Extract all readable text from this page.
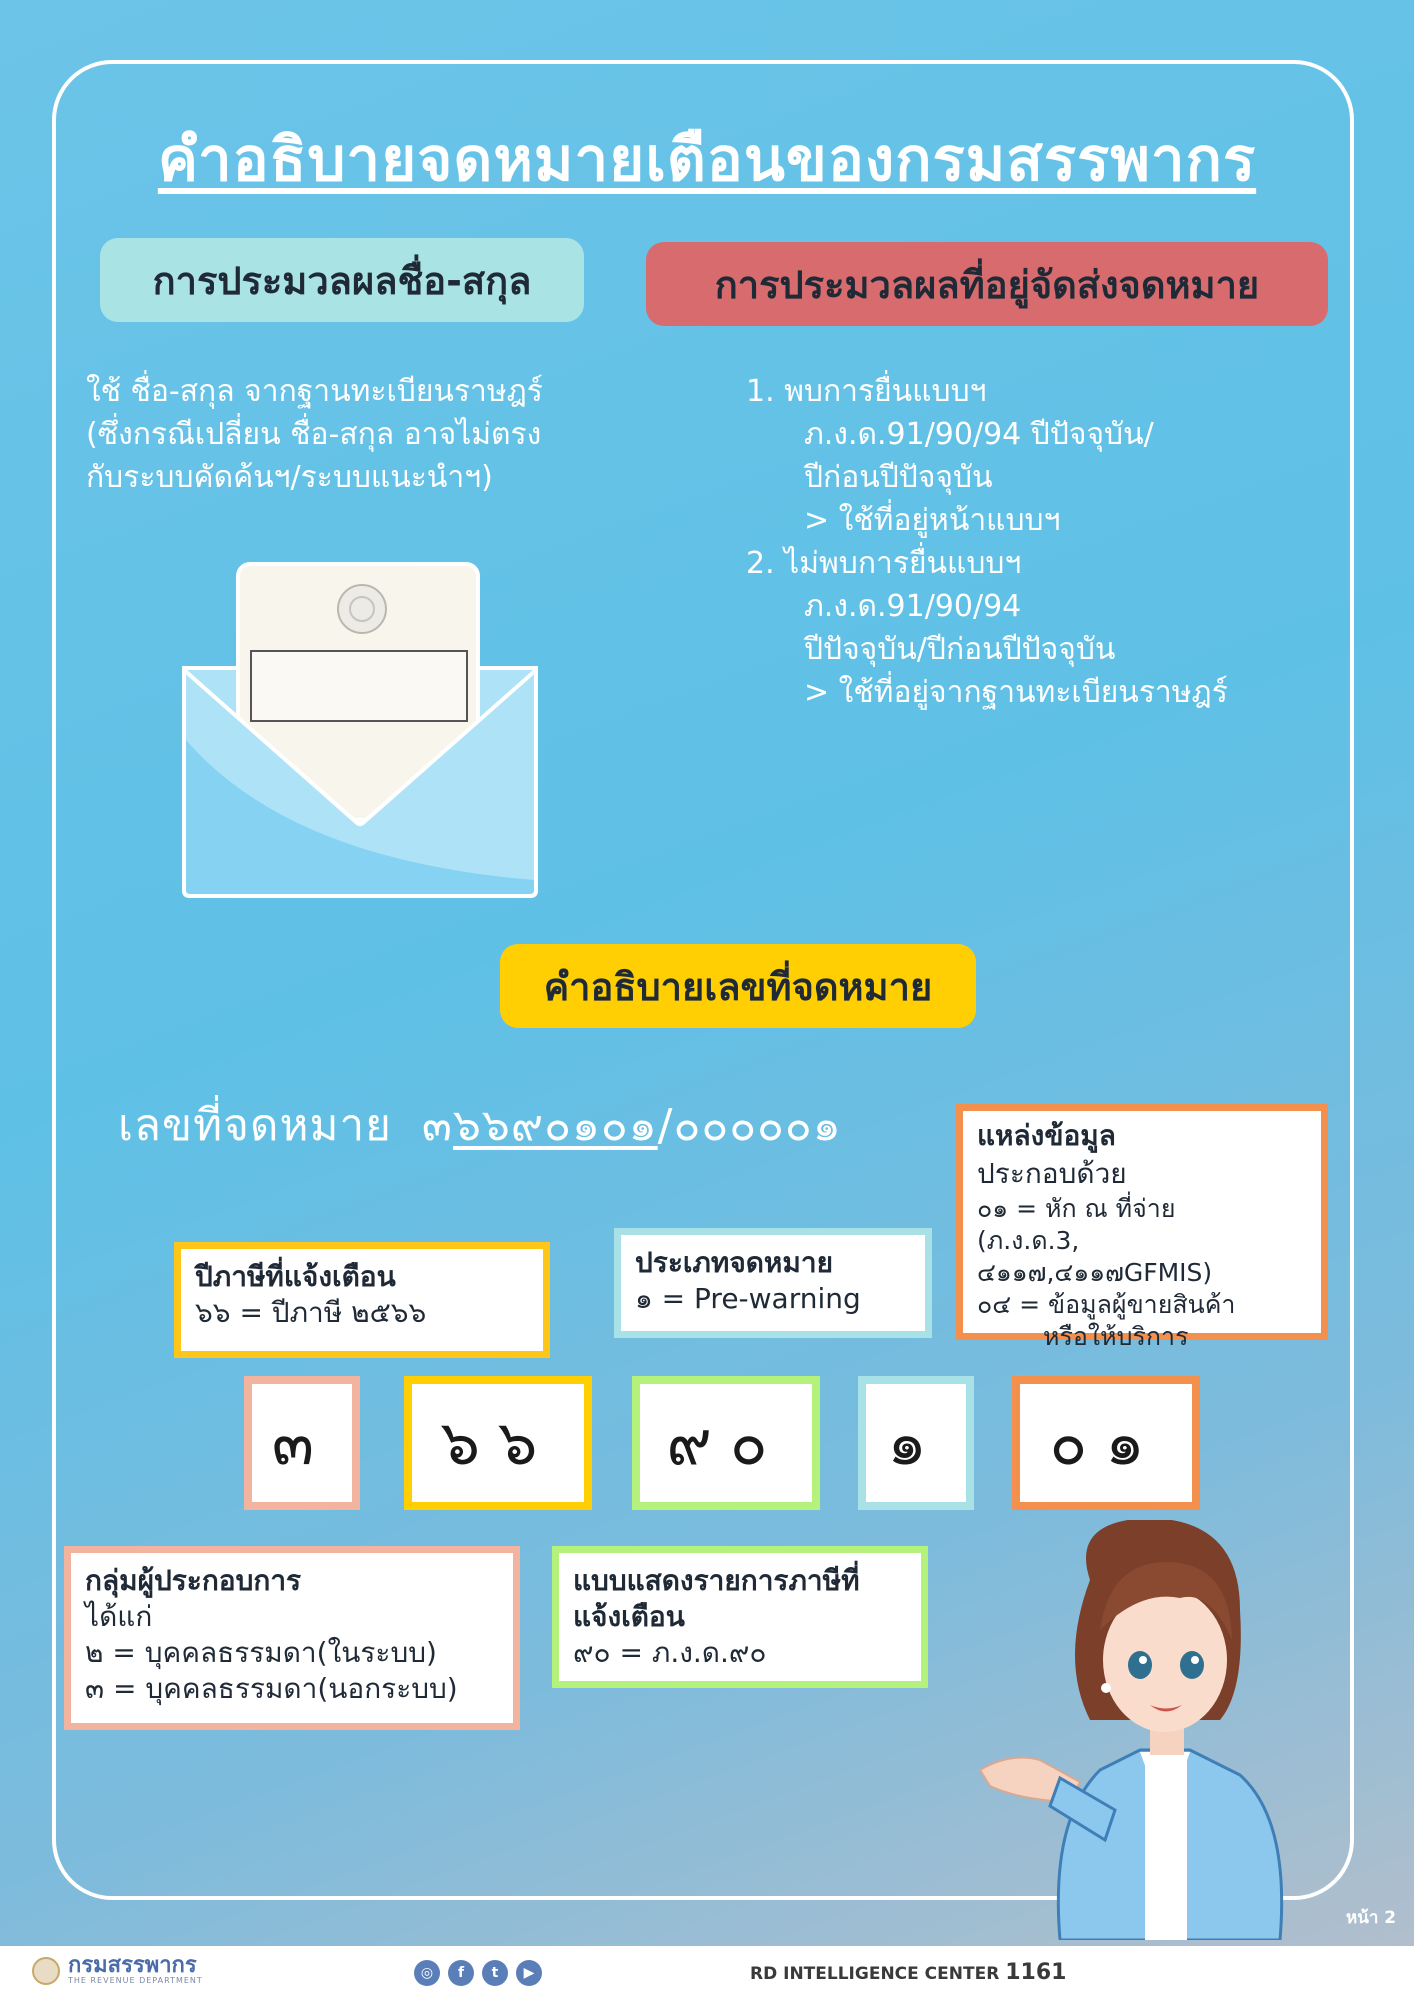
คำอธิบายจดหมายเตือนของกรมสรรพากร
การประมวลผลชื่อ-สกุล	การประมวลผลที่อยู่จัดส่งจดหมาย
ใช้ ชื่อ-สกุล จากฐานทะเบียนราษฎร์
(ซึ่งกรณีเปลี่ยน ชื่อ-สกุล อาจไม่ตรง
กับระบบคัดค้นฯ/ระบบแนะนำฯ)
1. พบการยื่นแบบฯ
ภ.ง.ด.91/90/94 ปีปัจจุบัน/
ปีก่อนปีปัจจุบัน
> ใช้ที่อยู่หน้าแบบฯ
2. ไม่พบการยื่นแบบฯ
ภ.ง.ด.91/90/94
ปีปัจจุบัน/ปีก่อนปีปัจจุบัน
> ใช้ที่อยู่จากฐานทะเบียนราษฎร์
คำอธิบายเลขที่จดหมาย
เลขที่จดหมาย ๓๖๖๙๐๑๐๑/๐๐๐๐๐๑	แหล่งข้อมูล
ประกอบด้วย
๐๑ = หัก ณ ที่จ่าย
(ภ.ง.ด.3, ๔๑๑๗,๔๑๑๗GFMIS)
๐๔ = ข้อมูลผู้ขายสินค้า
หรือให้บริการ
ปีภาษีที่แจ้งเตือน
๖๖ = ปีภาษี ๒๕๖๖
ประเภทจดหมาย
๑ = Pre-warning
๓	๖๖	๙๐	๑	๐๑
กลุ่มผู้ประกอบการ
ได้แก่
๒ = บุคคลธรรมดา(ในระบบ)
๓ = บุคคลธรรมดา(นอกระบบ)
แบบแสดงรายการภาษีที่
แจ้งเตือน
๙๐ = ภ.ง.ด.๙๐
หน้า 2
กรมสรรพากร
THE REVENUE DEPARTMENT	◎	f	t	▶	RD INTELLIGENCE CENTER 1161
